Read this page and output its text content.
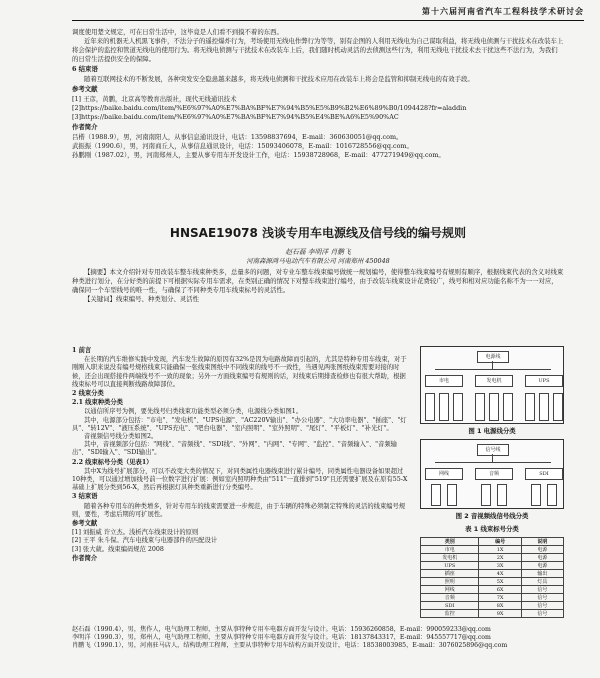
第十六届河南省汽车工程科技学术研讨会

调度使用楚文规定，可在日常生活中，这毕竟是人们看不到摸不着的东西。

近年来的机器无人机黑飞事件，不法分子的遥控爆炸行为，考场使用无线电作弊行为等等，别有企图的人利用无线电为自己谋取利益，将无线电侦测与干扰技术在改装车上将会保护的监控和管道无线电的使用行为。将无线电侦测与干扰技术在改装车上后，我们随时机动灵活的去侦测这些行为，利用无线电干扰技术去干扰这些不法行为，为我们的日常生活提供安全的保障。

6 结束语

随着互联网技术的不断发展，各种突发安全隐患越来越多，将无线电侦测和干扰技术应用在改装车上将会是监管和抑制无线电的有效手段。

参考文献
[1] 王彦，黄鹏，北京高等教育出版社，现代无线通讯技术
[2]https://baike.baidu.com/item/%E6%97%A0%E7%BA%BF%E7%94%B5%E5%B9%B2%E6%89%B0/1094428?fr=aladdin
[3]https://baike.baidu.com/item/%E6%97%A0%E7%BA%BF%E7%94%B5%E4%BE%A6%E5%90%AC
作者简介
吕楷（1988.9），男，河南南阳人，从事信息通讯设计，电话：13598837694，E-mail：360630051@qq.com。
武振振（1990.6），男，河南商丘人，从事信息通讯设计，电话：15093406078，E-mail：1016728556@qq.com。
孙鹏刚（1987.02），男，河南郑州人，主要从事专用车开发设计工作，电话：15938728968，E-mail：477271949@qq.com。
HNSAE19078 浅谈专用车电源线及信号线的编号规则
赵石磊 李明洋 肖鹏飞
河南森源鸿马电动汽车有限公司 河南郑州 450048

【摘要】本文介绍针对专用改装车整车线束种类多，总量多的问题，对专业车整车线束编号做统一规划编号，使得整车线束编号有规则有顺序，根据线束代表的含义对线束种类进行划分，在分好类的前提下可根据实际专用车需求，在类别正确的情况下对整车线束进行编号，由于改装车线束设计花费较广，线号和相对应功能名称不为一一对应，确保同一个车型线号的唯一性，与确保了不同种类专用车线束标号的灵活性。

【关键词】线束编号、种类划分、灵活性

1 前言

在长期的汽车维修实践中发现，汽车发生故障的原因有32%是因为电路故障而引起的，尤其是特种专用车线束，对于刚刚入职来说没有编号规格线束只能确保一张线束图纸中不同线束的线号不一致性，当遇见两张图纸线束需要对接的时候，还会出现搭接件两端线号不一致的现象；另外一方面线束编号有规则的话，对线束后期排查检修也有很大帮助，根据线束标号可以直接判断线路故障部位。

2 线束分类
2.1 线束种类分类

以通信所序号为例，要先线号归类线束功能类型必须分类，电源线分类如图1。

其中，电源部分包括："市电"、"发电机"、"UPS电源"、"AC220V输出"、"办公电器"、"大功率电器"、"插座"、"灯具"、"转12V"、"液压系统"、"UPS充电"、"吧台电器"、"室内照明"、"室外照明"、"尾灯"、"平板灯"、"补光灯"。

音视频信号线分类如图2。

其中，音视频部分包括："网线"、"音频线"、"SDI线"、"外网"、"内网"、"专网"、"监控"、"音频输入"、"音频输出"、"SDI输入"、"SDI输出"。

2.2 线束标号分类（见表1）

其中X为线号扩展部分，可以不改变大类的情况下，对同类属性电器线束进行累计编号，同类属性电器设备如果超过10种类，可以通过增加线号前一位数字进行扩展：例如室内照明种类由"511"一直排到"519"且还需要扩展及在原有55-X基础上扩展分类到56-X，然后再根据灯具种类重新进行分类编号。

3 结束语

随着各种专用车的种类增多，针对专用车的线束需要进一步规范，由于车辆的特殊必须制定特殊的灵活的线束编号规则，要性，考虑后期的可扩展性。

参考文献
[1] 刘振威 许立杰。浅析汽车线束设计的原则
[2] 王平 朱斗保。汽车电线束与电器部件的匹配设计
[3] 张大葳。线束编码规范 2008
作者简介
电源线
市电	发电机	UPS
图 1 电源线分类
信号线
网线	音频	SDI
图 2 音视频线信号线分类
表 1 线束标号分类
类别	编号	说明
市电	1X	电源
发电机	2X	电源
UPS	3X	电源
插座	4X	输出
照明	5X	灯具
网线	6X	信号
音频	7X	信号
SDI	8X	信号
监控	9X	信号

赵石磊（1990.4），男，焦作人，电气助理工程师，主要从事特种专用车电器方面开发与设计。电话：15936260858，E-mail：990059233@qq.com

李明洋（1990.3），男，郑州人，电气助理工程师，主要从事特种专用车电器方面开发与设计。电话：18137843317，E-mail：945557717@qq.com

肖鹏飞（1990.1），男，河南驻马店人，结构助理工程师，主要从事特种专用车结构方面开发设计，电话：18538003985，E-mail：3076025896@qq.com
